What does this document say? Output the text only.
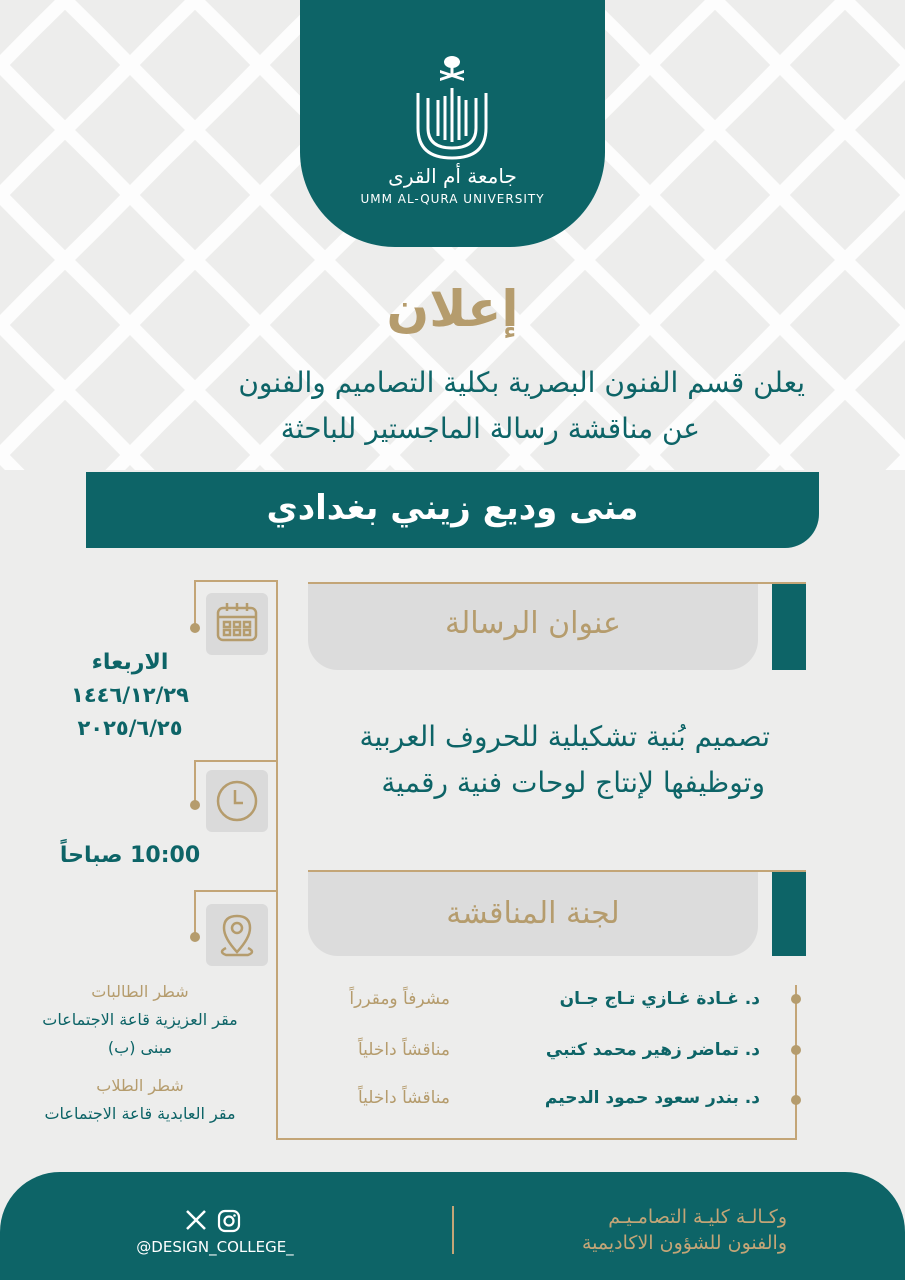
جامعة أم القرى
UMM AL-QURA UNIVERSITY
إعلان
يعلن قسم الفنون البصرية بكلية التصاميم والفنون
عن مناقشة رسالة الماجستير للباحثة
منى وديع زيني بغدادي
عنوان الرسالة
تصميم بُنية تشكيلية للحروف العربية
وتوظيفها لإنتاج لوحات فنية رقمية
لجنة المناقشة
د. غـادة غـازي تـاج جـان
مشرفاً ومقرراً
د. تماضر زهير محمد كتبي
مناقشاً داخلياً
د. بندر سعود حمود الدحيم
مناقشاً داخلياً
الاربعاء
١٤٤٦/١٢/٢٩
٢٠٢٥/٦/٢٥
10:00 صباحاً
شطر الطالبات
مقر العزيزية قاعة الاجتماعات
مبنى (ب)
شطر الطلاب
مقر العابدية قاعة الاجتماعات
@DESIGN_COLLEGE_
وكـالـة كليـة التصامـيـم
والفنون للشؤون الاكاديمية
